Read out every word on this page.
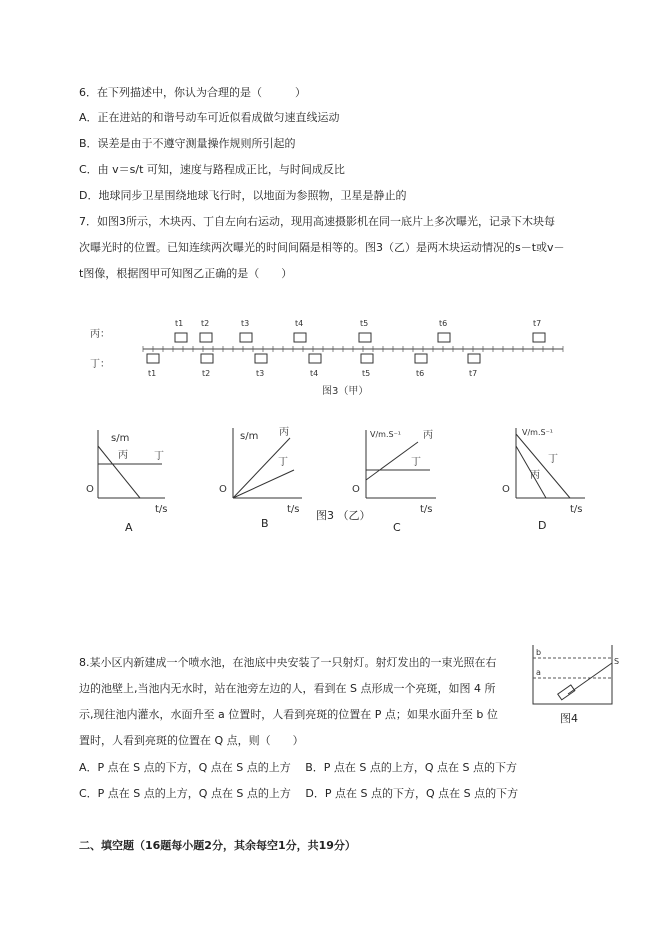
6．在下列描述中，你认为合理的是（　　　）
A．正在进站的和谐号动车可近似看成做匀速直线运动
B．误差是由于不遵守测量操作规则所引起的
C．由 v＝s/t 可知，速度与路程成正比，与时间成反比
D．地球同步卫星围绕地球飞行时，以地面为参照物，卫星是静止的
7．如图3所示，木块丙、丁自左向右运动，现用高速摄影机在同一底片上多次曝光，记录下木块每
次曝光时的位置。已知连续两次曝光的时间间隔是相等的。图3（乙）是两木块运动情况的s－t或v－
t图像，根据图甲可知图乙正确的是（　　）
丙：
丁：
t1 t2	t3	t4	t5	t6	t7
t1	t2	t3	t4	t5	t6	t7
图3（甲）
s/m
t/s
O
丙	丁
s/m
t/s
O
丙
丁
V/m.S⁻¹
t/s
O
丙
丁
V/m.S⁻¹
t/s
O
丙
丁
图3 （乙）
A	B	C	D
8.某小区内新建成一个喷水池，在池底中央安装了一只射灯。射灯发出的一束光照在右
边的池壁上,当池内无水时，站在池旁左边的人，看到在 S 点形成一个亮斑，如图 4 所
示,现往池内灌水，水面升至 a 位置时，人看到亮斑的位置在 P 点；如果水面升至 b 位
置时，人看到亮斑的位置在 Q 点，则（　　）
A．P 点在 S 点的下方，Q 点在 S 点的上方　 B．P 点在 S 点的上方，Q 点在 S 点的下方
C．P 点在 S 点的上方，Q 点在 S 点的上方　 D．P 点在 S 点的下方，Q 点在 S 点的下方
b
a
S
图4
二、填空题（16题每小题2分，其余每空1分，共19分）
